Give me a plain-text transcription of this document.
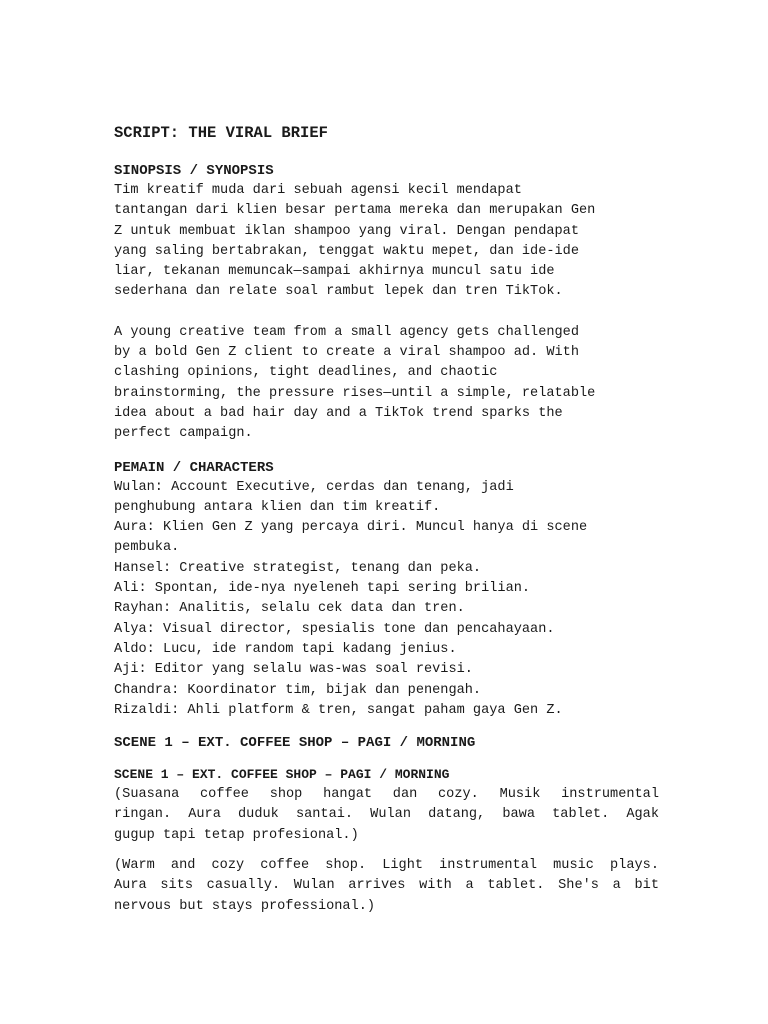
SCRIPT: THE VIRAL BRIEF
SINOPSIS / SYNOPSIS
Tim kreatif muda dari sebuah agensi kecil mendapat
tantangan dari klien besar pertama mereka dan merupakan Gen
Z untuk membuat iklan shampoo yang viral. Dengan pendapat
yang saling bertabrakan, tenggat waktu mepet, dan ide-ide
liar, tekanan memuncak—sampai akhirnya muncul satu ide
sederhana dan relate soal rambut lepek dan tren TikTok.
A young creative team from a small agency gets challenged
by a bold Gen Z client to create a viral shampoo ad. With
clashing opinions, tight deadlines, and chaotic
brainstorming, the pressure rises—until a simple, relatable
idea about a bad hair day and a TikTok trend sparks the
perfect campaign.
PEMAIN / CHARACTERS
Wulan: Account Executive, cerdas dan tenang, jadi
penghubung antara klien dan tim kreatif.
Aura: Klien Gen Z yang percaya diri. Muncul hanya di scene
pembuka.
Hansel: Creative strategist, tenang dan peka.
Ali: Spontan, ide-nya nyeleneh tapi sering brilian.
Rayhan: Analitis, selalu cek data dan tren.
Alya: Visual director, spesialis tone dan pencahayaan.
Aldo: Lucu, ide random tapi kadang jenius.
Aji: Editor yang selalu was-was soal revisi.
Chandra: Koordinator tim, bijak dan penengah.
Rizaldi: Ahli platform & tren, sangat paham gaya Gen Z.
SCENE 1 – EXT. COFFEE SHOP – PAGI / MORNING
SCENE 1 – EXT. COFFEE SHOP – PAGI / MORNING
(Suasana coffee shop hangat dan cozy. Musik instrumental
ringan. Aura duduk santai. Wulan datang, bawa tablet. Agak
gugup tapi tetap profesional.)
(Warm and cozy coffee shop. Light instrumental music plays.
Aura sits casually. Wulan arrives with a tablet. She's a bit
nervous but stays professional.)
